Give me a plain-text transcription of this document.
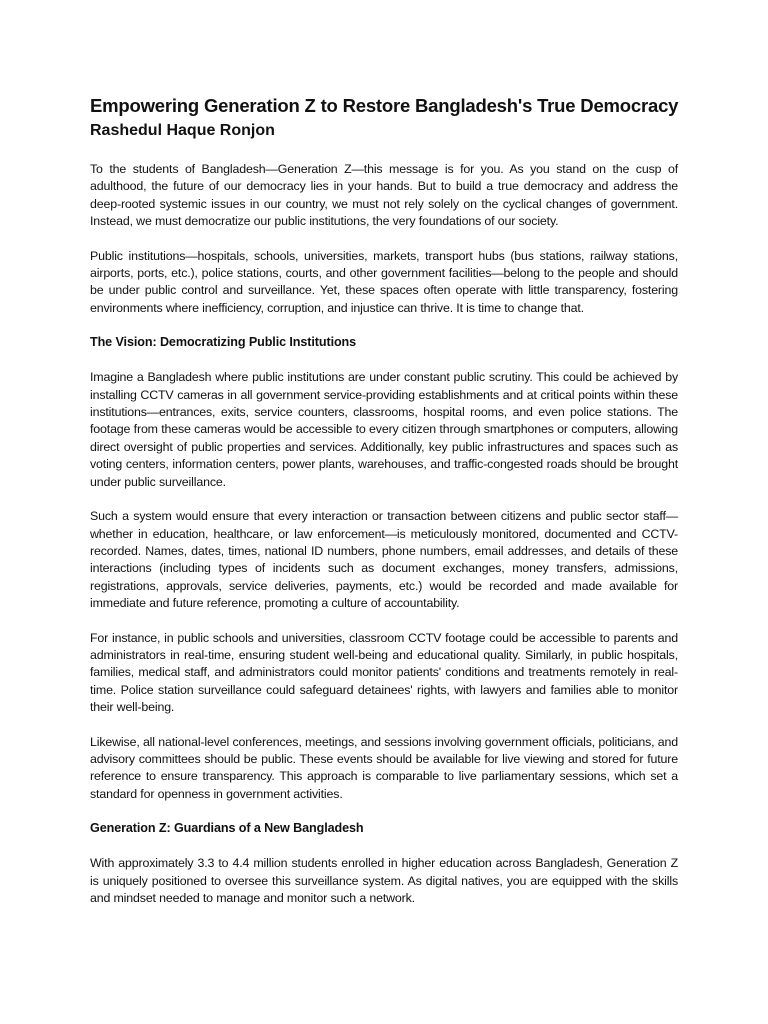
Empowering Generation Z to Restore Bangladesh's True Democracy
Rashedul Haque Ronjon

To the students of Bangladesh—Generation Z—this message is for you. As you stand on the cusp of adulthood, the future of our democracy lies in your hands. But to build a true democracy and address the deep-rooted systemic issues in our country, we must not rely solely on the cyclical changes of government. Instead, we must democratize our public institutions, the very foundations of our society.

Public institutions—hospitals, schools, universities, markets, transport hubs (bus stations, railway stations, airports, ports, etc.), police stations, courts, and other government facilities—belong to the people and should be under public control and surveillance. Yet, these spaces often operate with little transparency, fostering environments where inefficiency, corruption, and injustice can thrive. It is time to change that.

The Vision: Democratizing Public Institutions

Imagine a Bangladesh where public institutions are under constant public scrutiny. This could be achieved by installing CCTV cameras in all government service-providing establishments and at critical points within these institutions—entrances, exits, service counters, classrooms, hospital rooms, and even police stations. The footage from these cameras would be accessible to every citizen through smartphones or computers, allowing direct oversight of public properties and services. Additionally, key public infrastructures and spaces such as voting centers, information centers, power plants, warehouses, and traffic-congested roads should be brought under public surveillance.

Such a system would ensure that every interaction or transaction between citizens and public sector staff—whether in education, healthcare, or law enforcement—is meticulously monitored, documented and CCTV-recorded. Names, dates, times, national ID numbers, phone numbers, email addresses, and details of these interactions (including types of incidents such as document exchanges, money transfers, admissions, registrations, approvals, service deliveries, payments, etc.) would be recorded and made available for immediate and future reference, promoting a culture of accountability.

For instance, in public schools and universities, classroom CCTV footage could be accessible to parents and administrators in real-time, ensuring student well-being and educational quality. Similarly, in public hospitals, families, medical staff, and administrators could monitor patients' conditions and treatments remotely in real-time. Police station surveillance could safeguard detainees' rights, with lawyers and families able to monitor their well-being.

Likewise, all national-level conferences, meetings, and sessions involving government officials, politicians, and advisory committees should be public. These events should be available for live viewing and stored for future reference to ensure transparency. This approach is comparable to live parliamentary sessions, which set a standard for openness in government activities.

Generation Z: Guardians of a New Bangladesh

With approximately 3.3 to 4.4 million students enrolled in higher education across Bangladesh, Generation Z is uniquely positioned to oversee this surveillance system. As digital natives, you are equipped with the skills and mindset needed to manage and monitor such a network.
